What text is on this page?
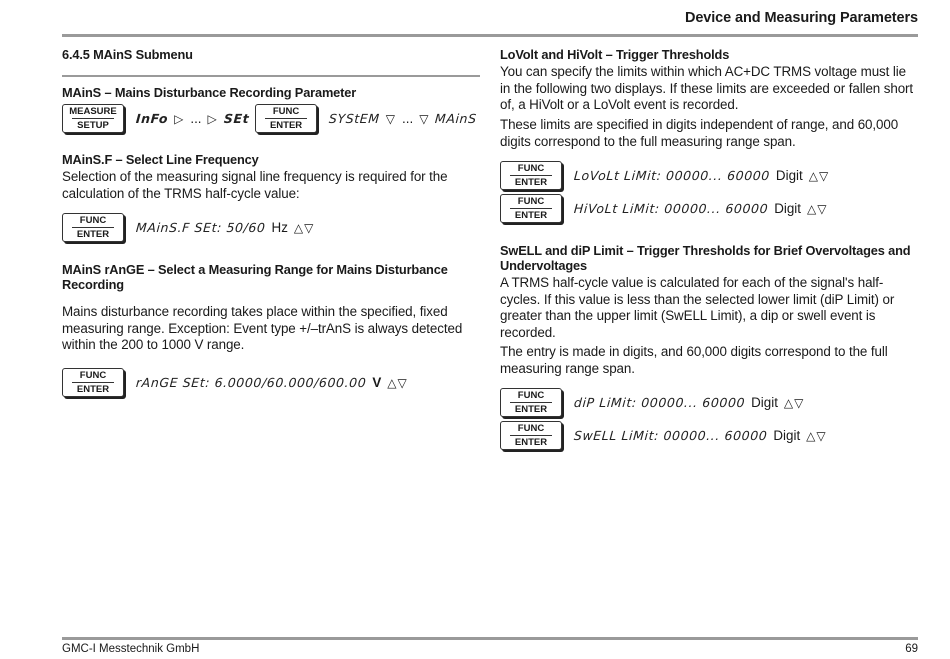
Device and Measuring Parameters
6.4.5 MAinS Submenu
MAinS – Mains Disturbance Recording Parameter
MEASURE
SETUP InFo ▷ ... ▷ SEt FUNC
ENTER SYStEM ▽ ... ▽ MAinS
MAinS.F – Select Line Frequency

Selection of the measuring signal line frequency is required for the calculation of the TRMS half-cycle value:

FUNC
ENTER MAinS.F SEt: 50/60 Hz △▽
MAinS rAnGE – Select a Measuring Range for Mains Disturbance Recording

Mains disturbance recording takes place within the specified, fixed measuring range. Exception: Event type +/–trAnS is always detected within the 200 to 1000 V range.

FUNC
ENTER rAnGE SEt: 6.0000/60.000/600.00 V △▽
LoVolt and HiVolt – Trigger Thresholds

You can specify the limits within which AC+DC TRMS voltage must lie in the following two displays. If these limits are exceeded or fallen short of, a HiVolt or a LoVolt event is recorded.

These limits are specified in digits independent of range, and 60,000 digits correspond to the full measuring range span.

FUNC
ENTER LoVoLt LiMit: 00000... 60000 Digit △▽
FUNC
ENTER HiVoLt LiMit: 00000... 60000 Digit △▽
SwELL and diP Limit – Trigger Thresholds for Brief Overvoltages and Undervoltages

A TRMS half-cycle value is calculated for each of the signal's half-cycles. If this value is less than the selected lower limit (diP Limit) or greater than the upper limit (SwELL Limit), a dip or swell event is recorded.

The entry is made in digits, and 60,000 digits correspond to the full measuring range span.

FUNC
ENTER diP LiMit: 00000... 60000 Digit △▽
FUNC
ENTER SwELL LiMit: 00000... 60000 Digit △▽
GMC-I Messtechnik GmbH	69
